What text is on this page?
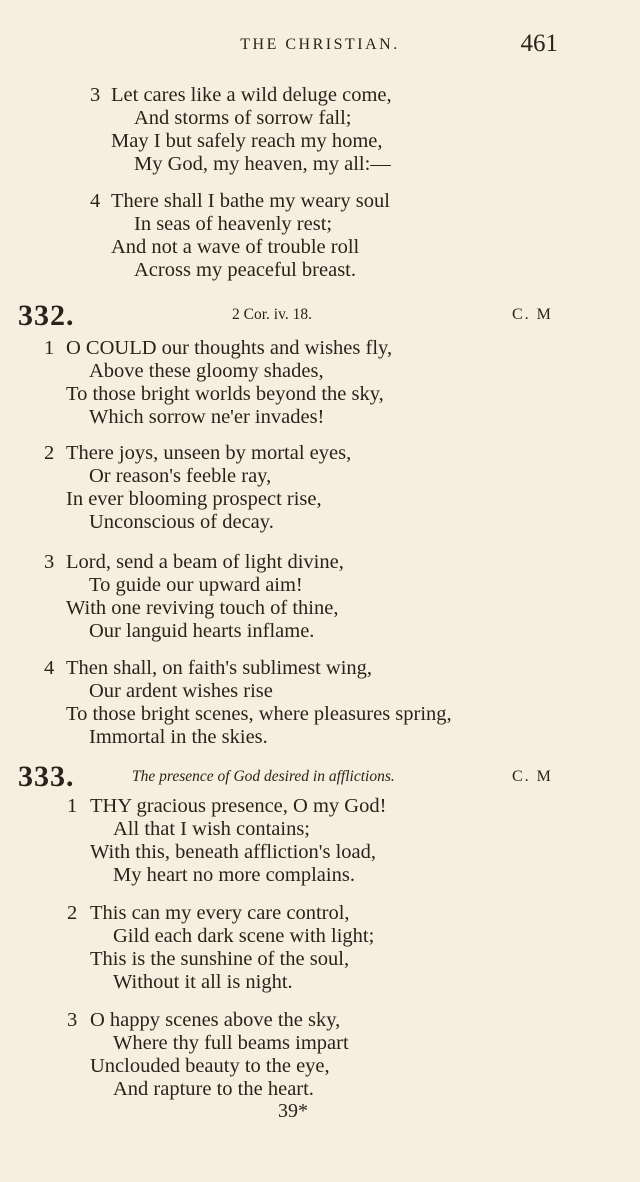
THE CHRISTIAN.	461
3 Let cares like a wild deluge come,
And storms of sorrow fall;
May I but safely reach my home,
My God, my heaven, my all:—
4 There shall I bathe my weary soul
In seas of heavenly rest;
And not a wave of trouble roll
Across my peaceful breast.
332.	2 Cor. iv. 18.	C. M
1 O COULD our thoughts and wishes fly,
Above these gloomy shades,
To those bright worlds beyond the sky,
Which sorrow ne'er invades!
2 There joys, unseen by mortal eyes,
Or reason's feeble ray,
In ever blooming prospect rise,
Unconscious of decay.
3 Lord, send a beam of light divine,
To guide our upward aim!
With one reviving touch of thine,
Our languid hearts inflame.
4 Then shall, on faith's sublimest wing,
Our ardent wishes rise
To those bright scenes, where pleasures spring,
Immortal in the skies.
333.	The presence of God desired in afflictions.	C. M
1 THY gracious presence, O my God!
All that I wish contains;
With this, beneath affliction's load,
My heart no more complains.
2 This can my every care control,
Gild each dark scene with light;
This is the sunshine of the soul,
Without it all is night.
3 O happy scenes above the sky,
Where thy full beams impart
Unclouded beauty to the eye,
And rapture to the heart.
39*
